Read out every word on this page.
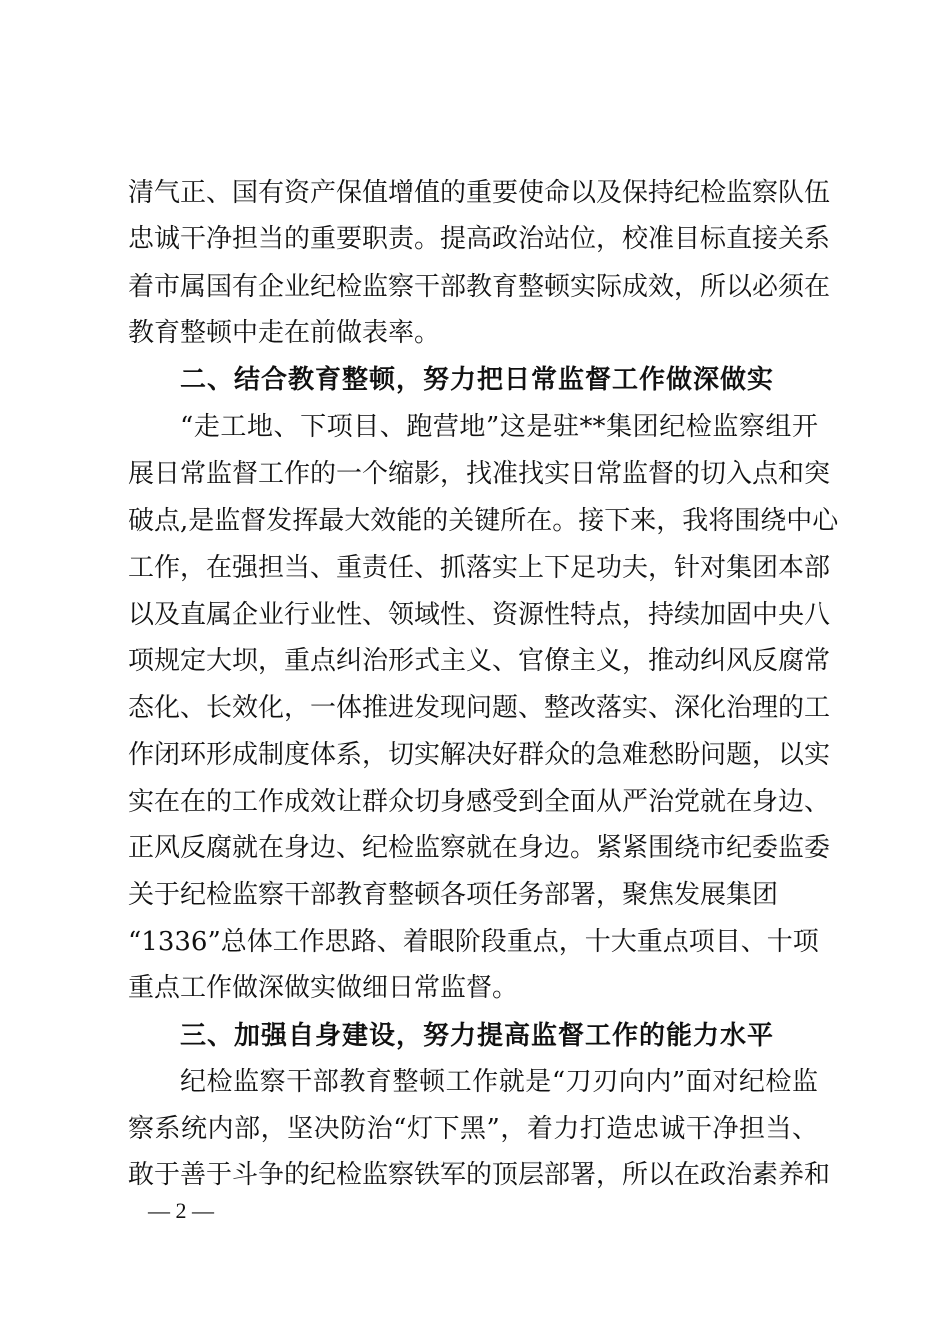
清气正、国有资产保值增值的重要使命以及保持纪检监察队伍
忠诚干净担当的重要职责。提高政治站位，校准目标直接关系
着市属国有企业纪检监察干部教育整顿实际成效，所以必须在
教育整顿中走在前做表率。
二、结合教育整顿，努力把日常监督工作做深做实
“走工地、下项目、跑营地”这是驻**集团纪检监察组开
展日常监督工作的一个缩影，找准找实日常监督的切入点和突
破点,是监督发挥最大效能的关键所在。接下来，我将围绕中心
工作，在强担当、重责任、抓落实上下足功夫，针对集团本部
以及直属企业行业性、领域性、资源性特点，持续加固中央八
项规定大坝，重点纠治形式主义、官僚主义，推动纠风反腐常
态化、长效化，一体推进发现问题、整改落实、深化治理的工
作闭环形成制度体系，切实解决好群众的急难愁盼问题，以实
实在在的工作成效让群众切身感受到全面从严治党就在身边、
正风反腐就在身边、纪检监察就在身边。紧紧围绕市纪委监委
关于纪检监察干部教育整顿各项任务部署，聚焦发展集团
“1336”总体工作思路、着眼阶段重点，十大重点项目、十项
重点工作做深做实做细日常监督。
三、加强自身建设，努力提高监督工作的能力水平
纪检监察干部教育整顿工作就是“刀刃向内”面对纪检监
察系统内部，坚决防治“灯下黑”，着力打造忠诚干净担当、
敢于善于斗争的纪检监察铁军的顶层部署，所以在政治素养和
— 2 —
